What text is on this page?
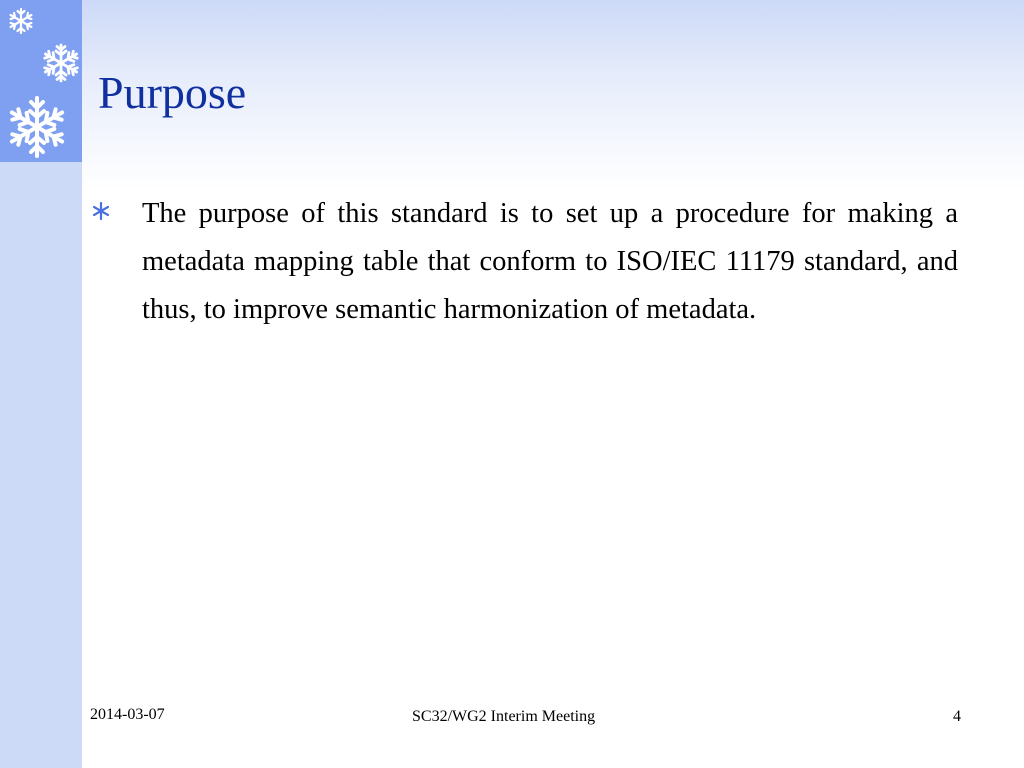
Purpose
The purpose of this standard is to set up a procedure for making a metadata mapping table that conform to ISO/IEC 11179 standard, and thus, to improve semantic harmonization of metadata.
2014-03-07	SC32/WG2 Interim Meeting	4
